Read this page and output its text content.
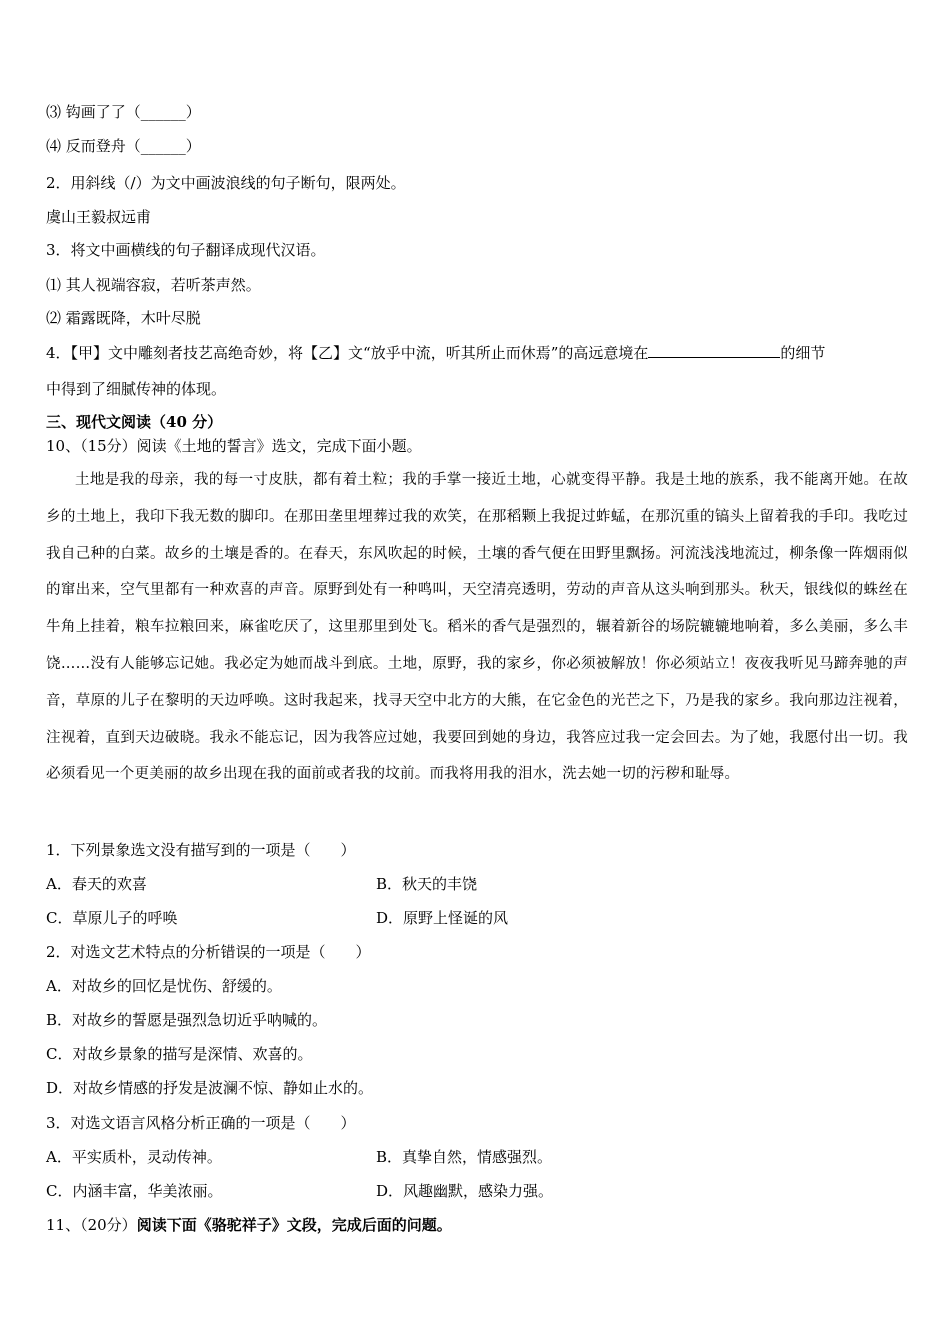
⑶ 钩画了了（______）
⑷ 反而登舟（______）
2．用斜线（/）为文中画波浪线的句子断句，限两处。
虞山王毅叔远甫
3．将文中画横线的句子翻译成现代汉语。
⑴ 其人视端容寂，若听茶声然。
⑵ 霜露既降，木叶尽脱
4．【甲】文中雕刻者技艺高绝奇妙，将【乙】文“放乎中流，听其所止而休焉”的高远意境在	的细节
中得到了细腻传神的体现。
三、现代文阅读（40 分）
10、（15分）阅读《土地的誓言》选文，完成下面小题。
土地是我的母亲，我的每一寸皮肤，都有着土粒；我的手掌一接近土地，心就变得平静。我是土地的族系，我不能离开她。在故乡的土地上，我印下我无数的脚印。在那田垄里埋葬过我的欢笑，在那稻颗上我捉过蚱蜢，在那沉重的镐头上留着我的手印。我吃过我自己种的白菜。故乡的土壤是香的。在春天，东风吹起的时候，土壤的香气便在田野里飘扬。河流浅浅地流过，柳条像一阵烟雨似的窜出来，空气里都有一种欢喜的声音。原野到处有一种鸣叫，天空清亮透明，劳动的声音从这头响到那头。秋天，银线似的蛛丝在牛角上挂着，粮车拉粮回来，麻雀吃厌了，这里那里到处飞。稻米的香气是强烈的，辗着新谷的场院辘辘地响着，多么美丽，多么丰饶……没有人能够忘记她。我必定为她而战斗到底。土地，原野，我的家乡，你必须被解放！你必须站立！夜夜我听见马蹄奔驰的声音，草原的儿子在黎明的天边呼唤。这时我起来，找寻天空中北方的大熊，在它金色的光芒之下，乃是我的家乡。我向那边注视着，注视着，直到天边破晓。我永不能忘记，因为我答应过她，我要回到她的身边，我答应过我一定会回去。为了她，我愿付出一切。我必须看见一个更美丽的故乡出现在我的面前或者我的坟前。而我将用我的泪水，洗去她一切的污秽和耻辱。
1．下列景象选文没有描写到的一项是（　　）
A．春天的欢喜	B．秋天的丰饶
C．草原儿子的呼唤	D．原野上怪诞的风
2．对选文艺术特点的分析错误的一项是（　　）
A．对故乡的回忆是忧伤、舒缓的。
B．对故乡的誓愿是强烈急切近乎呐喊的。
C．对故乡景象的描写是深情、欢喜的。
D．对故乡情感的抒发是波澜不惊、静如止水的。
3．对选文语言风格分析正确的一项是（　　）
A．平实质朴，灵动传神。	B．真挚自然，情感强烈。
C．内涵丰富，华美浓丽。	D．风趣幽默，感染力强。
11、（20分）阅读下面《骆驼祥子》文段，完成后面的问题。
